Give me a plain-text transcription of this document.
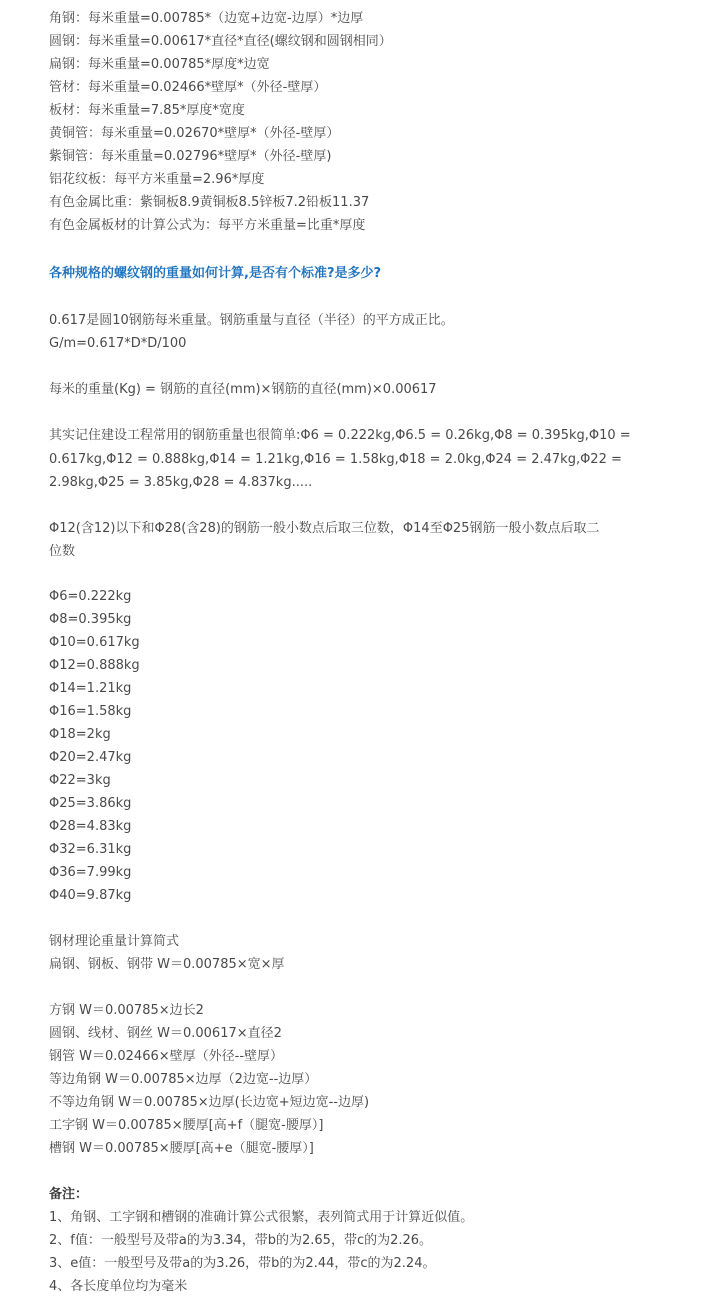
角钢：每米重量=0.00785*（边宽+边宽-边厚）*边厚
圆钢：每米重量=0.00617*直径*直径(螺纹钢和圆钢相同）
扁钢：每米重量=0.00785*厚度*边宽
管材：每米重量=0.02466*壁厚*（外径-壁厚）
板材：每米重量=7.85*厚度*宽度
黄铜管：每米重量=0.02670*壁厚*（外径-壁厚）
紫铜管：每米重量=0.02796*壁厚*（外径-壁厚)
铝花纹板：每平方米重量=2.96*厚度
有色金属比重：紫铜板8.9黄铜板8.5锌板7.2铅板11.37
有色金属板材的计算公式为：每平方米重量=比重*厚度
各种规格的螺纹钢的重量如何计算,是否有个标准?是多少?
0.617是圆10钢筋每米重量。钢筋重量与直径（半径）的平方成正比。
G/m=0.617*D*D/100
每米的重量(Kg) = 钢筋的直径(mm)×钢筋的直径(mm)×0.00617
其实记住建设工程常用的钢筋重量也很简单:Φ6 = 0.222kg,Φ6.5 = 0.26kg,Φ8 = 0.395kg,Φ10 =
0.617kg,Φ12 = 0.888kg,Φ14 = 1.21kg,Φ16 = 1.58kg,Φ18 = 2.0kg,Φ24 = 2.47kg,Φ22 =
2.98kg,Φ25 = 3.85kg,Φ28 = 4.837kg.....
Φ12(含12)以下和Φ28(含28)的钢筋一般小数点后取三位数，Φ14至Φ25钢筋一般小数点后取二
位数
Φ6=0.222kg
Φ8=0.395kg
Φ10=0.617kg
Φ12=0.888kg
Φ14=1.21kg
Φ16=1.58kg
Φ18=2kg
Φ20=2.47kg
Φ22=3kg
Φ25=3.86kg
Φ28=4.83kg
Φ32=6.31kg
Φ36=7.99kg
Φ40=9.87kg
钢材理论重量计算简式
扁钢、钢板、钢带 W＝0.00785×宽×厚
方钢 W＝0.00785×边长2
圆钢、线材、钢丝 W＝0.00617×直径2
钢管 W＝0.02466×壁厚（外径--壁厚）
等边角钢 W＝0.00785×边厚（2边宽--边厚）
不等边角钢 W＝0.00785×边厚(长边宽+短边宽--边厚)
工字钢 W＝0.00785×腰厚[高+f（腿宽-腰厚）]
槽钢 W＝0.00785×腰厚[高+e（腿宽-腰厚）]
备注：
1、角钢、工字钢和槽钢的准确计算公式很繁，表列简式用于计算近似值。
2、f值：一般型号及带a的为3.34，带b的为2.65，带c的为2.26。
3、e值：一般型号及带a的为3.26，带b的为2.44，带c的为2.24。
4、各长度单位均为毫米
